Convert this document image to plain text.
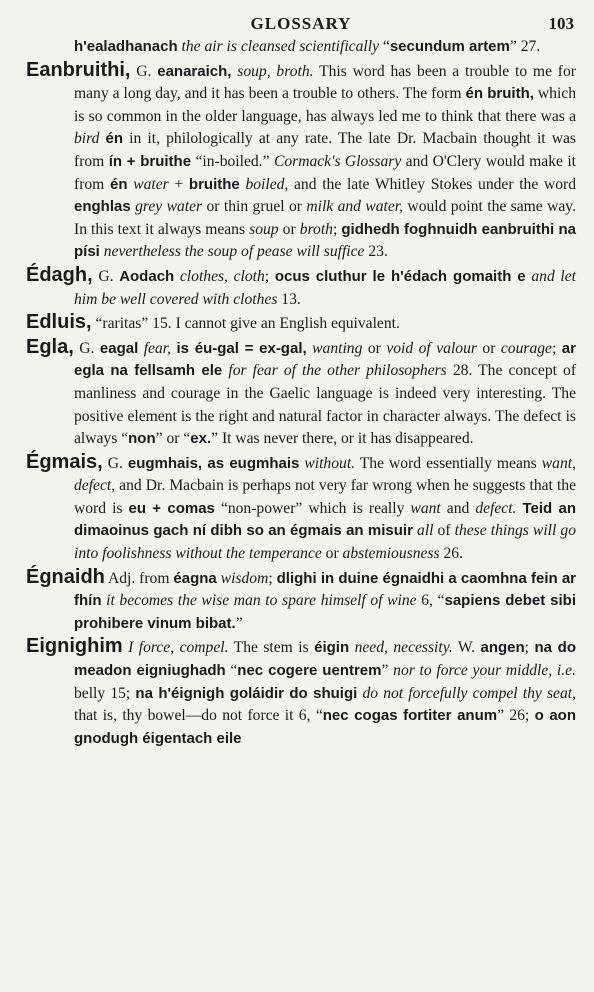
GLOSSARY	103

h'ealadhanach the air is cleansed scientifically “secundum artem” 27.

Eanbruithi, G. eanaraich, soup, broth. This word has been a trouble to me for many a long day, and it has been a trouble to others. The form én bruith, which is so common in the older language, has always led me to think that there was a bird én in it, philologically at any rate. The late Dr. Macbain thought it was from ín + bruithe “in-boiled.” Cormack's Glossary and O'Clery would make it from én water + bruithe boiled, and the late Whitley Stokes under the word enghlas grey water or thin gruel or milk and water, would point the same way. In this text it always means soup or broth; gidhedh foghnuidh eanbruithi na písi nevertheless the soup of pease will suffice 23.

Édagh, G. Aodach clothes, cloth; ocus cluthur le h'édach gomaith e and let him be well covered with clothes 13.

Edluis, “raritas” 15. I cannot give an English equivalent.

Egla, G. eagal fear, is éu-gal = ex-gal, wanting or void of valour or courage; ar egla na fellsamh ele for fear of the other philosophers 28. The concept of manliness and courage in the Gaelic language is indeed very interesting. The positive element is the right and natural factor in character always. The defect is always “non” or “ex.” It was never there, or it has disappeared.

Égmais, G. eugmhais, as eugmhais without. The word essentially means want, defect, and Dr. Macbain is perhaps not very far wrong when he suggests that the word is eu + comas “non-power” which is really want and defect. Teid an dimaoinus gach ní dibh so an égmais an misuir all of these things will go into foolishness without the temperance or abstemiousness 26.

Égnaidh Adj. from éagna wisdom; dlighi in duine égnaidhi a caomhna fein ar fhín it becomes the wise man to spare himself of wine 6, “sapiens debet sibi prohibere vinum bibat.”

Eignighim I force, compel. The stem is éigin need, necessity. W. angen; na do meadon eigniughadh “nec cogere uentrem” nor to force your middle, i.e. belly 15; na h'éignigh goláidir do shuigi do not forcefully compel thy seat, that is, thy bowel—do not force it 6, “nec cogas fortiter anum” 26; o aon gnodugh éigentach eile
